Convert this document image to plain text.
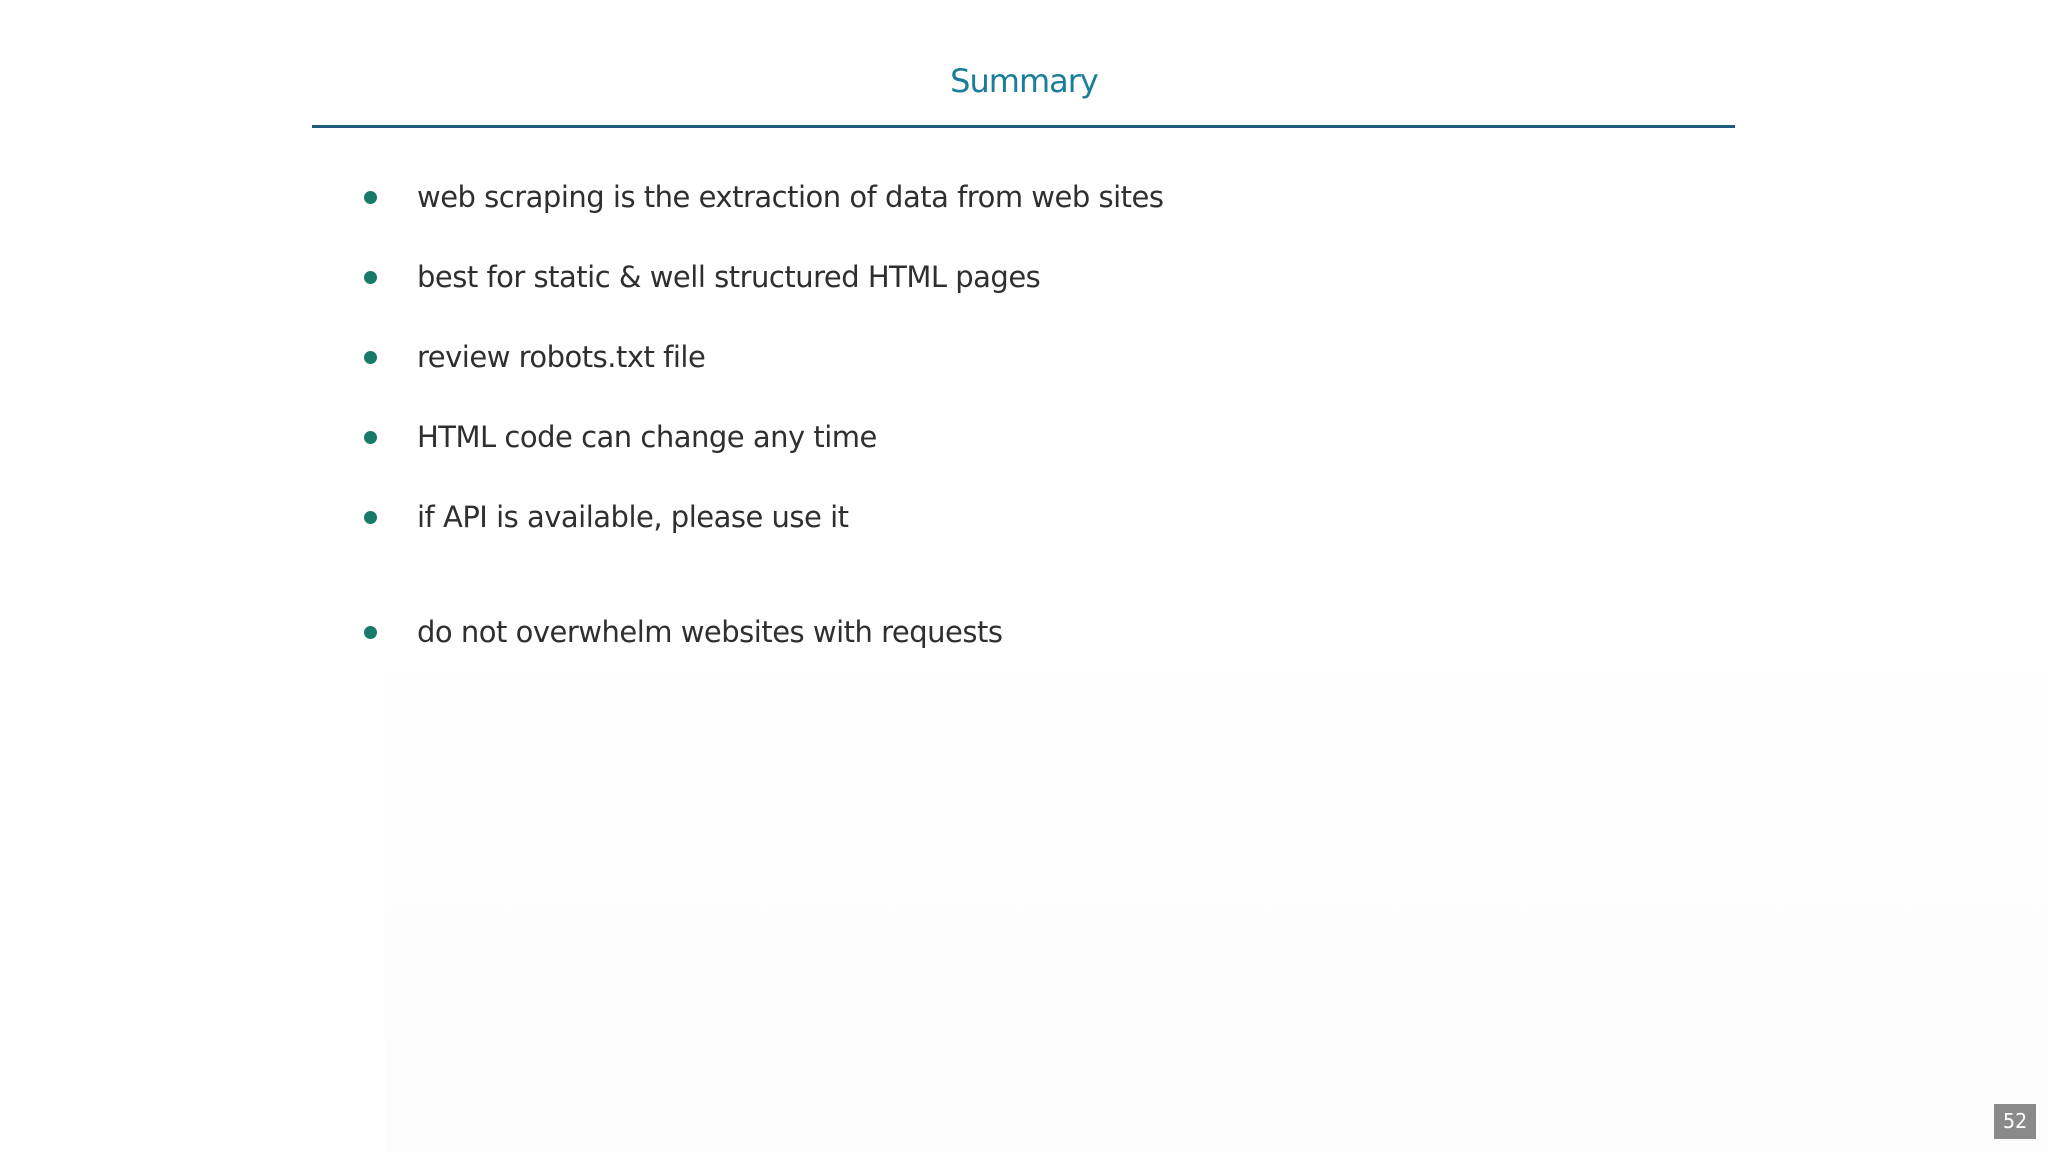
Summary
web scraping is the extraction of data from web sites
best for static & well structured HTML pages
review robots.txt file
HTML code can change any time
if API is available, please use it
do not overwhelm websites with requests
52
